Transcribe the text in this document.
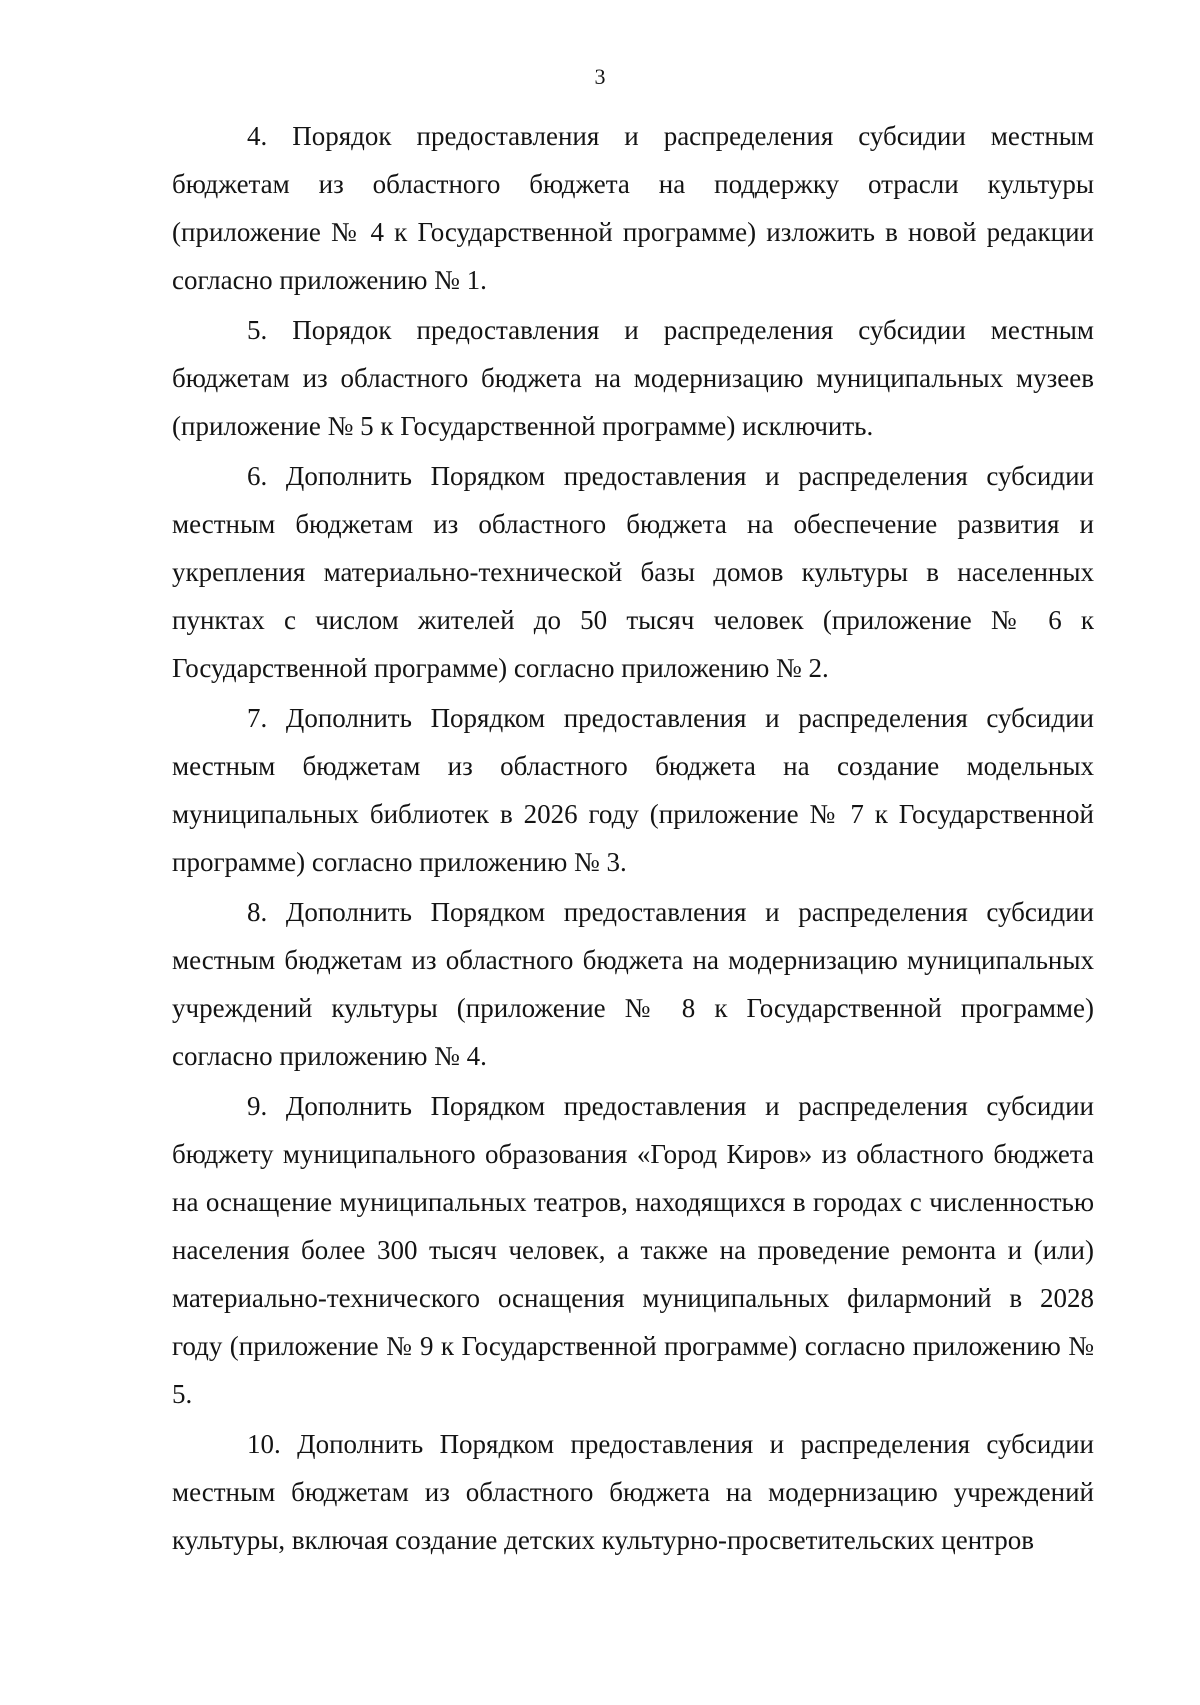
3

4. Порядок предоставления и распределения субсидии местным бюджетам из областного бюджета на поддержку отрасли культуры (приложение № 4 к Государственной программе) изложить в новой редакции согласно приложению № 1.

5. Порядок предоставления и распределения субсидии местным бюджетам из областного бюджета на модернизацию муниципальных музеев (приложение № 5 к Государственной программе) исключить.

6. Дополнить Порядком предоставления и распределения субсидии местным бюджетам из областного бюджета на обеспечение развития и укрепления материально-технической базы домов культуры в населенных пунктах с числом жителей до 50 тысяч человек (приложение № 6 к Государственной программе) согласно приложению № 2.

7. Дополнить Порядком предоставления и распределения субсидии местным бюджетам из областного бюджета на создание модельных муниципальных библиотек в 2026 году (приложение № 7 к Государственной программе) согласно приложению № 3.

8. Дополнить Порядком предоставления и распределения субсидии местным бюджетам из областного бюджета на модернизацию муниципальных учреждений культуры (приложение № 8 к Государственной программе) согласно приложению № 4.

9. Дополнить Порядком предоставления и распределения субсидии бюджету муниципального образования «Город Киров» из областного бюджета на оснащение муниципальных театров, находящихся в городах с численностью населения более 300 тысяч человек, а также на проведение ремонта и (или) материально-технического оснащения муниципальных филармоний в 2028 году (приложение № 9 к Государственной программе) согласно приложению № 5.

10. Дополнить Порядком предоставления и распределения субсидии местным бюджетам из областного бюджета на модернизацию учреждений культуры, включая создание детских культурно-просветительских центров
